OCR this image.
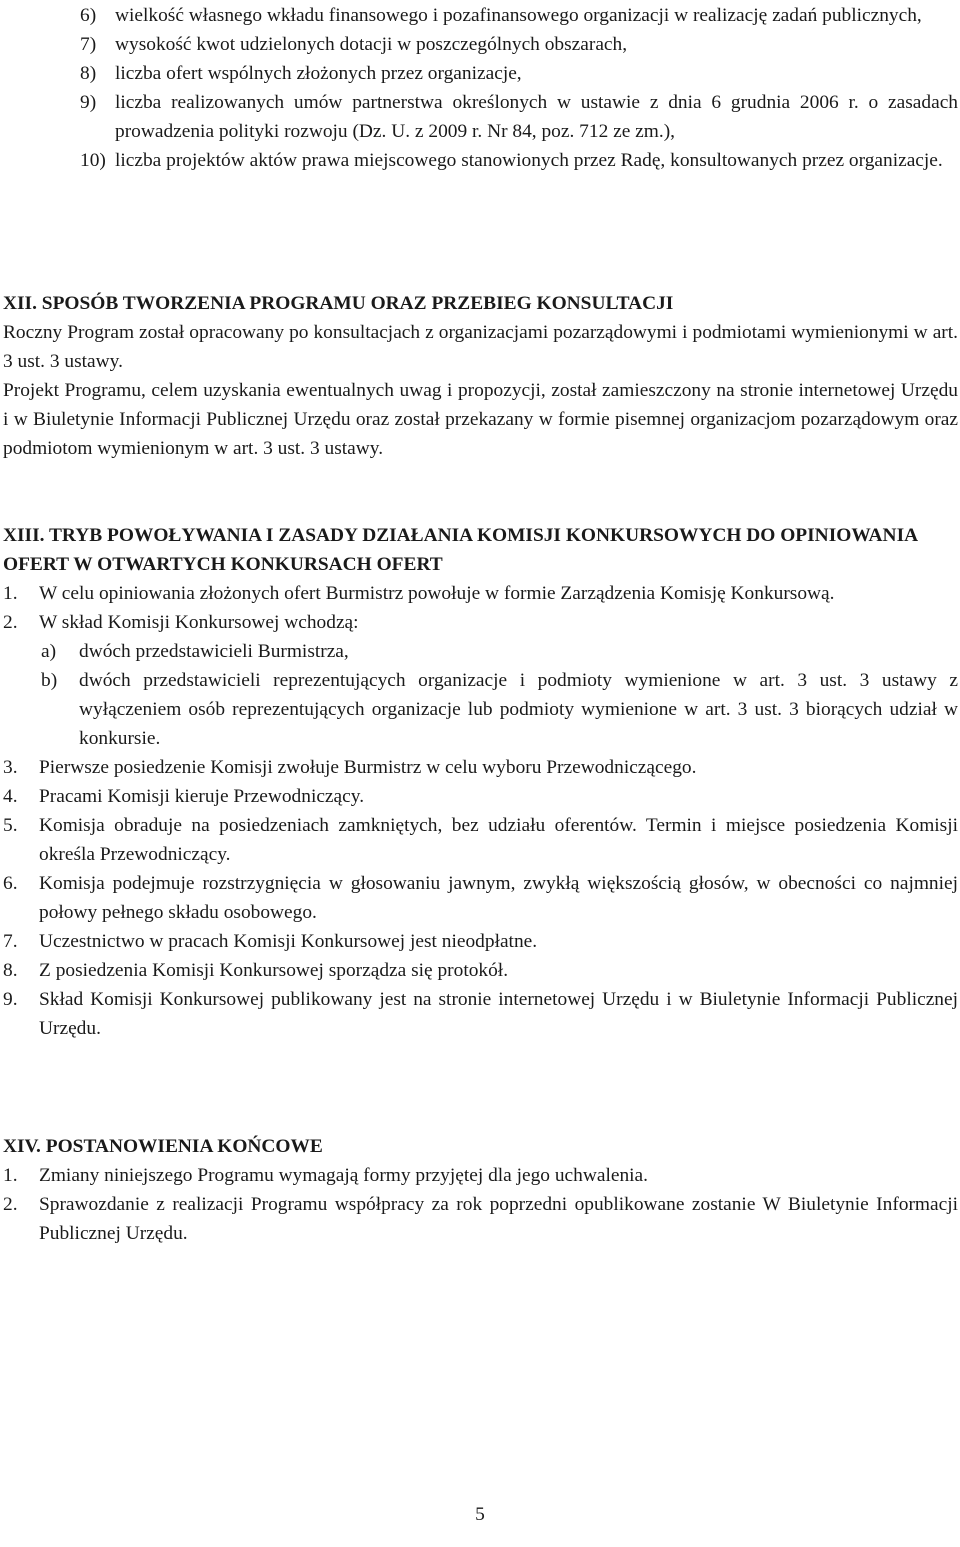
6) wielkość własnego wkładu finansowego i pozafinansowego organizacji w realizację zadań publicznych,
7) wysokość kwot udzielonych dotacji w poszczególnych obszarach,
8) liczba ofert wspólnych złożonych przez organizacje,
9) liczba realizowanych umów partnerstwa określonych w ustawie z dnia 6 grudnia 2006 r. o zasadach prowadzenia polityki rozwoju (Dz. U. z 2009 r. Nr 84, poz. 712 ze zm.),
10) liczba projektów aktów prawa miejscowego stanowionych przez Radę, konsultowanych przez organizacje.
XII. SPOSÓB TWORZENIA PROGRAMU ORAZ PRZEBIEG KONSULTACJI

Roczny Program został opracowany po konsultacjach z organizacjami pozarządowymi i podmiotami wymienionymi w art. 3 ust. 3 ustawy.

Projekt Programu, celem uzyskania ewentualnych uwag i propozycji, został zamieszczony na stronie internetowej Urzędu i w Biuletynie Informacji Publicznej Urzędu oraz został przekazany w formie pisemnej organizacjom pozarządowym oraz podmiotom wymienionym w art. 3 ust. 3 ustawy.

XIII. TRYB POWOŁYWANIA I ZASADY DZIAŁANIA KOMISJI KONKURSOWYCH DO OPINIOWANIA OFERT W OTWARTYCH KONKURSACH OFERT
1. W celu opiniowania złożonych ofert Burmistrz powołuje w formie Zarządzenia Komisję Konkursową.
2. W skład Komisji Konkursowej wchodzą:
a) dwóch przedstawicieli Burmistrza,
b) dwóch przedstawicieli reprezentujących organizacje i podmioty wymienione w art. 3 ust. 3 ustawy z wyłączeniem osób reprezentujących organizacje lub podmioty wymienione w art. 3 ust. 3 biorących udział w konkursie.
3. Pierwsze posiedzenie Komisji zwołuje Burmistrz w celu wyboru Przewodniczącego.
4. Pracami Komisji kieruje Przewodniczący.
5. Komisja obraduje na posiedzeniach zamkniętych, bez udziału oferentów. Termin i miejsce posiedzenia Komisji określa Przewodniczący.
6. Komisja podejmuje rozstrzygnięcia w głosowaniu jawnym, zwykłą większością głosów, w obecności co najmniej połowy pełnego składu osobowego.
7. Uczestnictwo w pracach Komisji Konkursowej jest nieodpłatne.
8. Z posiedzenia Komisji Konkursowej sporządza się protokół.
9. Skład Komisji Konkursowej publikowany jest na stronie internetowej Urzędu i w Biuletynie Informacji Publicznej Urzędu.
XIV. POSTANOWIENIA KOŃCOWE
1. Zmiany niniejszego Programu wymagają formy przyjętej dla jego uchwalenia.
2. Sprawozdanie z realizacji Programu współpracy za rok poprzedni opublikowane zostanie W Biuletynie Informacji Publicznej Urzędu.
5
